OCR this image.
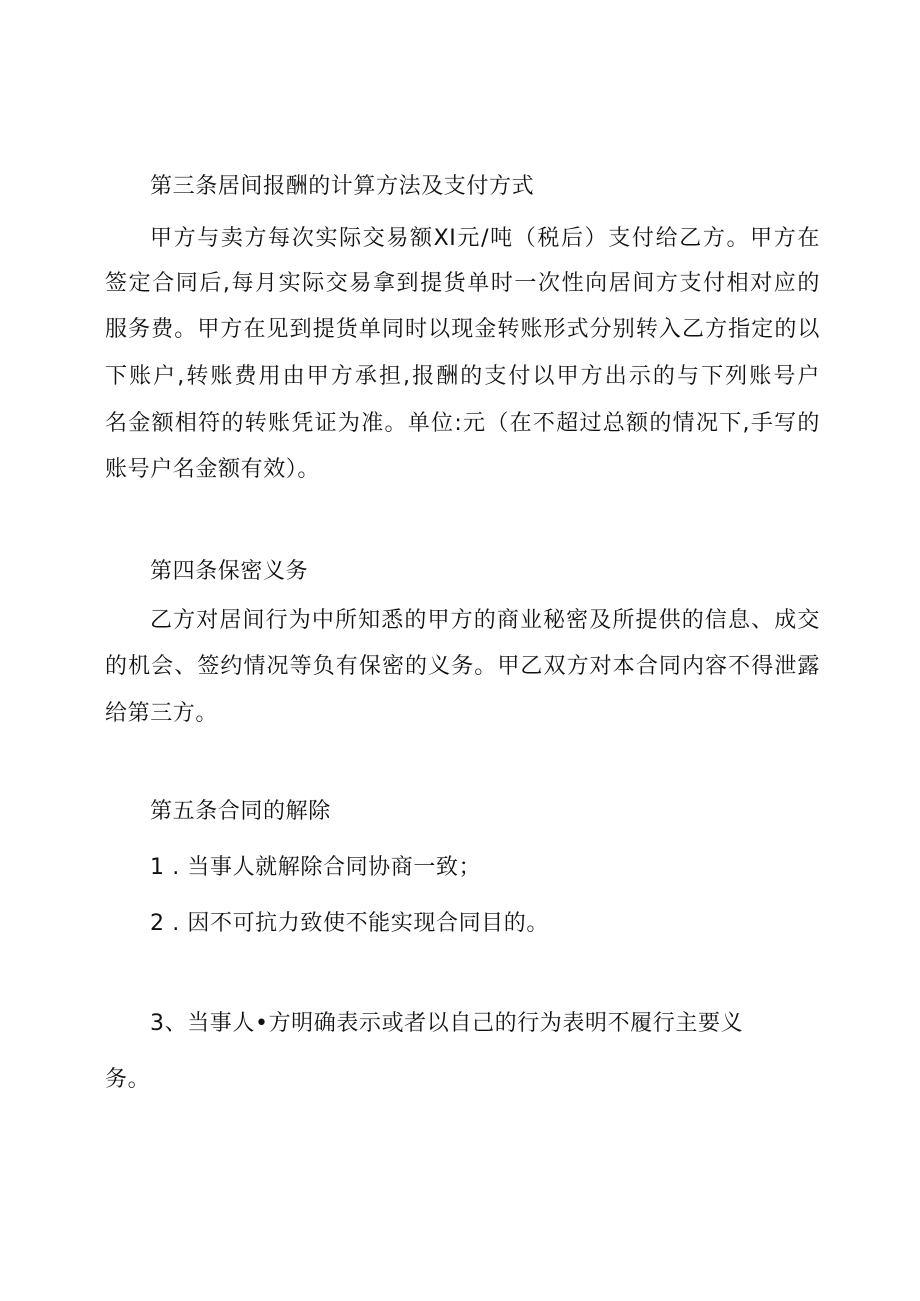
第三条居间报酬的计算方法及支付方式
甲方与卖方每次实际交易额XI元/吨（税后）支付给乙方。甲方在
签定合同后,每月实际交易拿到提货单时一次性向居间方支付相对应的
服务费。甲方在见到提货单同时以现金转账形式分别转入乙方指定的以
下账户,转账费用由甲方承担,报酬的支付以甲方出示的与下列账号户
名金额相符的转账凭证为准。单位:元（在不超过总额的情况下,手写的
账号户名金额有效）。
第四条保密义务
乙方对居间行为中所知悉的甲方的商业秘密及所提供的信息、成交
的机会、签约情况等负有保密的义务。甲乙双方对本合同内容不得泄露
给第三方。
第五条合同的解除
1 . 当事人就解除合同协商一致；
2 . 因不可抗力致使不能实现合同目的。
3、当事人•方明确表示或者以自己的行为表明不履行主要义
务。
